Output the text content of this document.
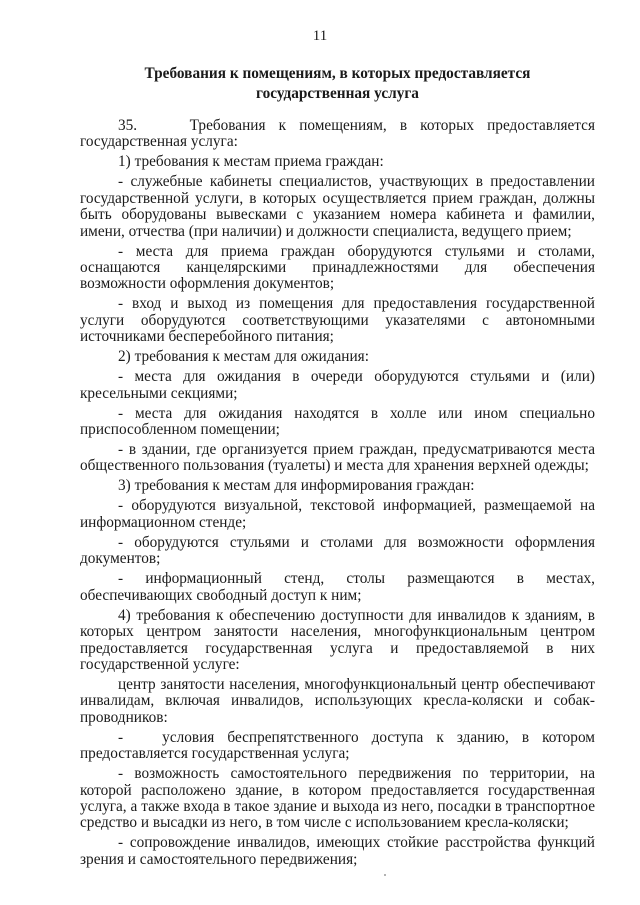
11
Требования к помещениям, в которых предоставляется
государственная услуга

35.    Требования к помещениям, в которых предоставляется государственная услуга:

1) требования к местам приема граждан:

- служебные кабинеты специалистов, участвующих в предоставлении государственной услуги, в которых осуществляется прием граждан, должны быть оборудованы вывесками с указанием номера кабинета и фамилии, имени, отчества (при наличии) и должности специалиста, ведущего прием;

- места для приема граждан оборудуются стульями и столами, оснащаются канцелярскими принадлежностями для обеспечения возможности оформления документов;

- вход и выход из помещения для предоставления государственной услуги оборудуются соответствующими указателями с автономными источниками бесперебойного питания;

2) требования к местам для ожидания:

- места для ожидания в очереди оборудуются стульями и (или) кресельными секциями;

- места для ожидания находятся в холле или ином специально приспособленном помещении;

- в здании, где организуется прием граждан, предусматриваются места общественного пользования (туалеты) и места для хранения верхней одежды;

3) требования к местам для информирования граждан:

- оборудуются визуальной, текстовой информацией, размещаемой на информационном стенде;

- оборудуются стульями и столами для возможности оформления документов;

- информационный стенд, столы размещаются в местах, обеспечивающих свободный доступ к ним;

4) требования к обеспечению доступности для инвалидов к зданиям, в которых центром занятости населения, многофункциональным центром предоставляется государственная услуга и предоставляемой в них государственной услуге:

центр занятости населения, многофункциональный центр обеспечивают инвалидам, включая инвалидов, использующих кресла-коляски и собак-проводников:

-   условия беспрепятственного доступа к зданию, в котором предоставляется государственная услуга;

- возможность самостоятельного передвижения по территории, на которой расположено здание, в котором предоставляется государственная услуга, а также входа в такое здание и выхода из него, посадки в транспортное средство и высадки из него, в том числе с использованием кресла-коляски;

- сопровождение инвалидов, имеющих стойкие расстройства функций зрения и самостоятельного передвижения;
